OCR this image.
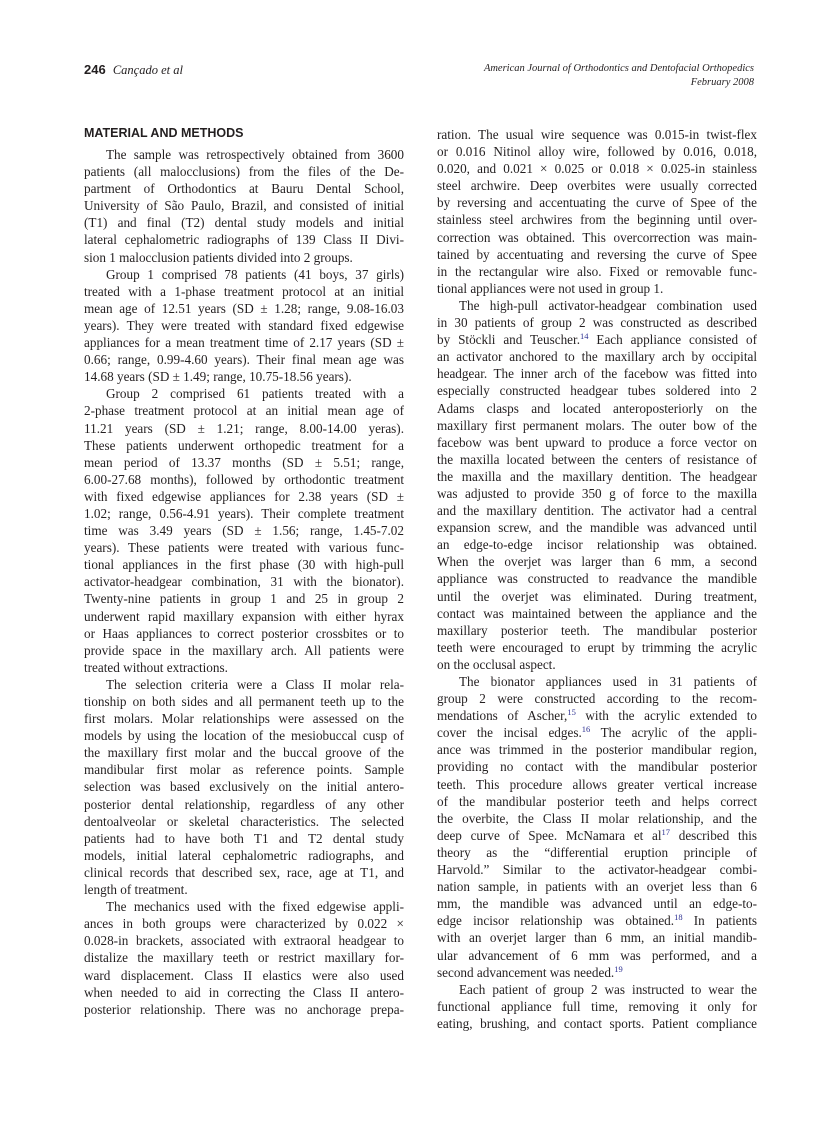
246 Cançado et al	American Journal of Orthodontics and Dentofacial Orthopedics
February 2008
MATERIAL AND METHODS
The sample was retrospectively obtained from 3600
patients (all malocclusions) from the files of the De-
partment of Orthodontics at Bauru Dental School,
University of São Paulo, Brazil, and consisted of initial
(T1) and final (T2) dental study models and initial
lateral cephalometric radiographs of 139 Class II Divi-
sion 1 malocclusion patients divided into 2 groups.
Group 1 comprised 78 patients (41 boys, 37 girls)
treated with a 1-phase treatment protocol at an initial
mean age of 12.51 years (SD ± 1.28; range, 9.08-16.03
years). They were treated with standard fixed edgewise
appliances for a mean treatment time of 2.17 years (SD ±
0.66; range, 0.99-4.60 years). Their final mean age was
14.68 years (SD ± 1.49; range, 10.75-18.56 years).
Group 2 comprised 61 patients treated with a
2-phase treatment protocol at an initial mean age of
11.21 years (SD ± 1.21; range, 8.00-14.00 yeras).
These patients underwent orthopedic treatment for a
mean period of 13.37 months (SD ± 5.51; range,
6.00-27.68 months), followed by orthodontic treatment
with fixed edgewise appliances for 2.38 years (SD ±
1.02; range, 0.56-4.91 years). Their complete treatment
time was 3.49 years (SD ± 1.56; range, 1.45-7.02
years). These patients were treated with various func-
tional appliances in the first phase (30 with high-pull
activator-headgear combination, 31 with the bionator).
Twenty-nine patients in group 1 and 25 in group 2
underwent rapid maxillary expansion with either hyrax
or Haas appliances to correct posterior crossbites or to
provide space in the maxillary arch. All patients were
treated without extractions.
The selection criteria were a Class II molar rela-
tionship on both sides and all permanent teeth up to the
first molars. Molar relationships were assessed on the
models by using the location of the mesiobuccal cusp of
the maxillary first molar and the buccal groove of the
mandibular first molar as reference points. Sample
selection was based exclusively on the initial antero-
posterior dental relationship, regardless of any other
dentoalveolar or skeletal characteristics. The selected
patients had to have both T1 and T2 dental study
models, initial lateral cephalometric radiographs, and
clinical records that described sex, race, age at T1, and
length of treatment.
The mechanics used with the fixed edgewise appli-
ances in both groups were characterized by 0.022 ×
0.028-in brackets, associated with extraoral headgear to
distalize the maxillary teeth or restrict maxillary for-
ward displacement. Class II elastics were also used
when needed to aid in correcting the Class II antero-
posterior relationship. There was no anchorage prepa-
ration. The usual wire sequence was 0.015-in twist-flex
or 0.016 Nitinol alloy wire, followed by 0.016, 0.018,
0.020, and 0.021 × 0.025 or 0.018 × 0.025-in stainless
steel archwire. Deep overbites were usually corrected
by reversing and accentuating the curve of Spee of the
stainless steel archwires from the beginning until over-
correction was obtained. This overcorrection was main-
tained by accentuating and reversing the curve of Spee
in the rectangular wire also. Fixed or removable func-
tional appliances were not used in group 1.
The high-pull activator-headgear combination used
in 30 patients of group 2 was constructed as described
by Stöckli and Teuscher.$^{14}$ Each appliance consisted of
an activator anchored to the maxillary arch by occipital
headgear. The inner arch of the facebow was fitted into
especially constructed headgear tubes soldered into 2
Adams clasps and located anteroposteriorly on the
maxillary first permanent molars. The outer bow of the
facebow was bent upward to produce a force vector on
the maxilla located between the centers of resistance of
the maxilla and the maxillary dentition. The headgear
was adjusted to provide 350 g of force to the maxilla
and the maxillary dentition. The activator had a central
expansion screw, and the mandible was advanced until
an edge-to-edge incisor relationship was obtained.
When the overjet was larger than 6 mm, a second
appliance was constructed to readvance the mandible
until the overjet was eliminated. During treatment,
contact was maintained between the appliance and the
maxillary posterior teeth. The mandibular posterior
teeth were encouraged to erupt by trimming the acrylic
on the occlusal aspect.
The bionator appliances used in 31 patients of
group 2 were constructed according to the recom-
mendations of Ascher,$^{15}$ with the acrylic extended to
cover the incisal edges.$^{16}$ The acrylic of the appli-
ance was trimmed in the posterior mandibular region,
providing no contact with the mandibular posterior
teeth. This procedure allows greater vertical increase
of the mandibular posterior teeth and helps correct
the overbite, the Class II molar relationship, and the
deep curve of Spee. McNamara et $al^{17}$ described this
theory as the “differential eruption principle of
Harvold.” Similar to the activator-headgear combi-
nation sample, in patients with an overjet less than 6
mm, the mandible was advanced until an edge-to-
edge incisor relationship was obtained.$^{18}$ In patients
with an overjet larger than 6 mm, an initial mandib-
ular advancement of 6 mm was performed, and a
second advancement was needed.$^{19}$
Each patient of group 2 was instructed to wear the
functional appliance full time, removing it only for
eating, brushing, and contact sports. Patient compliance
